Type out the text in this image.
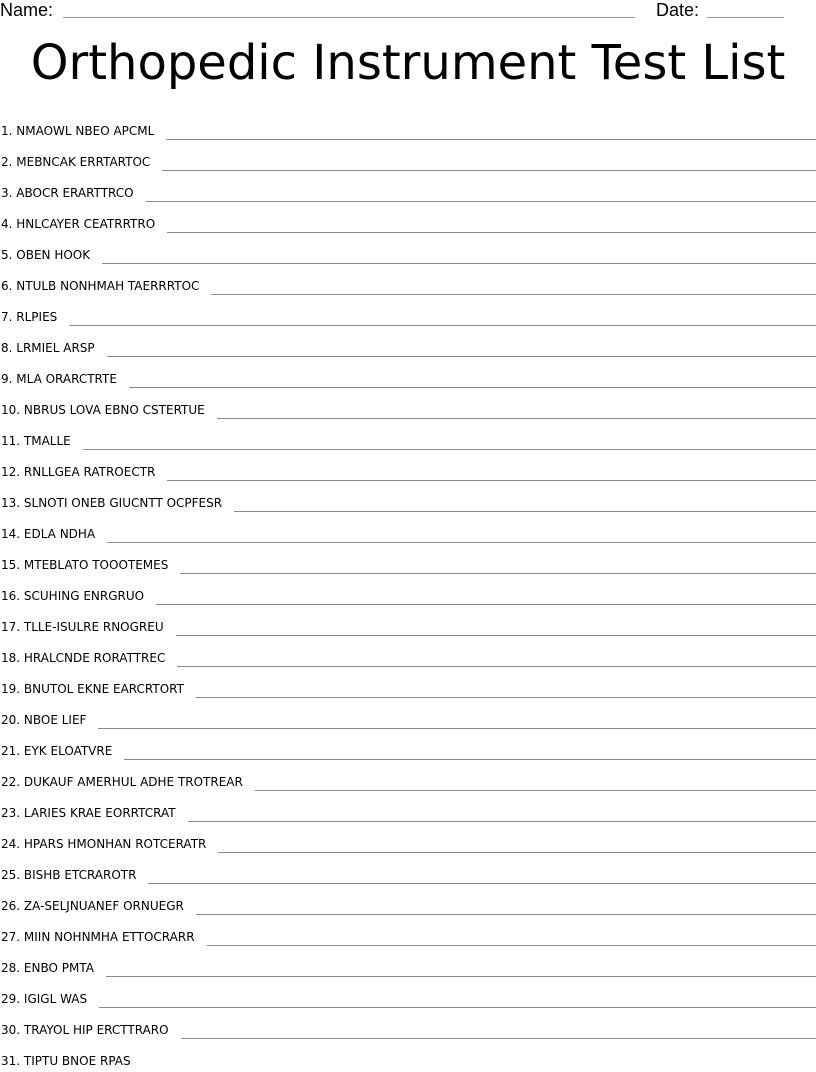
Name:	Date:
Orthopedic Instrument Test List
1. NMAOWL NBEO APCML
2. MEBNCAK ERRTARTOC
3. ABOCR ERARTTRCO
4. HNLCAYER CEATRRTRO
5. OBEN HOOK
6. NTULB NONHMAH TAERRRTOC
7. RLPIES
8. LRMIEL ARSP
9. MLA ORARCTRTE
10. NBRUS LOVA EBNO CSTERTUE
11. TMALLE
12. RNLLGEA RATROECTR
13. SLNOTI ONEB GIUCNTT OCPFESR
14. EDLA NDHA
15. MTEBLATO TOOOTEMES
16. SCUHING ENRGRUO
17. TLLE-ISULRE RNOGREU
18. HRALCNDE RORATTREC
19. BNUTOL EKNE EARCRTORT
20. NBOE LIEF
21. EYK ELOATVRE
22. DUKAUF AMERHUL ADHE TROTREAR
23. LARIES KRAE EORRTCRAT
24. HPARS HMONHAN ROTCERATR
25. BISHB ETCRAROTR
26. ZA-SELJNUANEF ORNUEGR
27. MIIN NOHNMHA ETTOCRARR
28. ENBO PMTA
29. IGIGL WAS
30. TRAYOL HIP ERCTTRARO
31. TIPTU BNOE RPAS
